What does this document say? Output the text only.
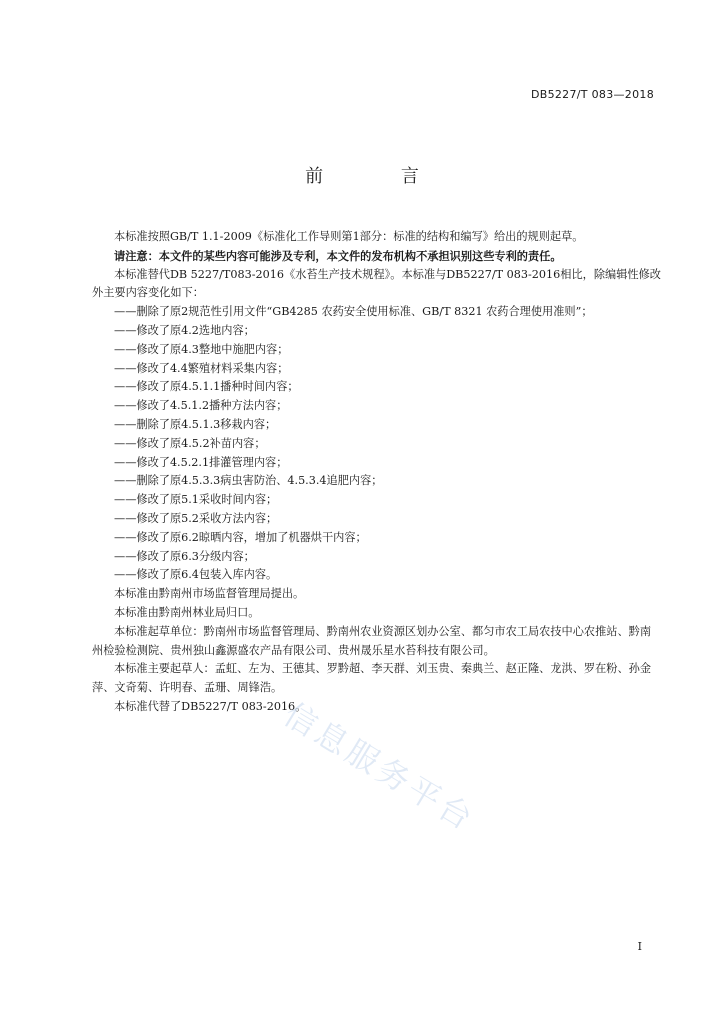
DB5227/T 083—2018
前 言

本标准按照GB/T 1.1-2009《标准化工作导则第1部分：标准的结构和编写》给出的规则起草。

请注意：本文件的某些内容可能涉及专利，本文件的发布机构不承担识别这些专利的责任。

本标准替代DB 5227/T083-2016《水苔生产技术规程》。本标准与DB5227/T 083-2016相比，除编辑性修改外主要内容变化如下：

——删除了原2规范性引用文件“GB4285 农药安全使用标准、GB/T 8321 农药合理使用准则”；

——修改了原4.2选地内容；

——修改了原4.3整地中施肥内容；

——修改了4.4繁殖材料采集内容；

——修改了原4.5.1.1播种时间内容；

——修改了4.5.1.2播种方法内容；

——删除了原4.5.1.3移栽内容；

——修改了原4.5.2补苗内容；

——修改了4.5.2.1排灌管理内容；

——删除了原4.5.3.3病虫害防治、4.5.3.4追肥内容；

——修改了原5.1采收时间内容；

——修改了原5.2采收方法内容；

——修改了原6.2晾晒内容，增加了机器烘干内容；

——修改了原6.3分级内容；

——修改了原6.4包装入库内容。

本标准由黔南州市场监督管理局提出。

本标准由黔南州林业局归口。

本标准起草单位：黔南州市场监督管理局、黔南州农业资源区划办公室、都匀市农工局农技中心农推站、黔南州检验检测院、贵州独山鑫源盛农产品有限公司、贵州晟乐星水苔科技有限公司。

本标准主要起草人：孟虹、左为、王德其、罗黔超、李天群、刘玉贵、秦典兰、赵正隆、龙洪、罗在粉、孙金萍、文奇菊、许明春、孟珊、周锋浩。

本标准代替了DB5227/T 083-2016。

信息服务平台
I
